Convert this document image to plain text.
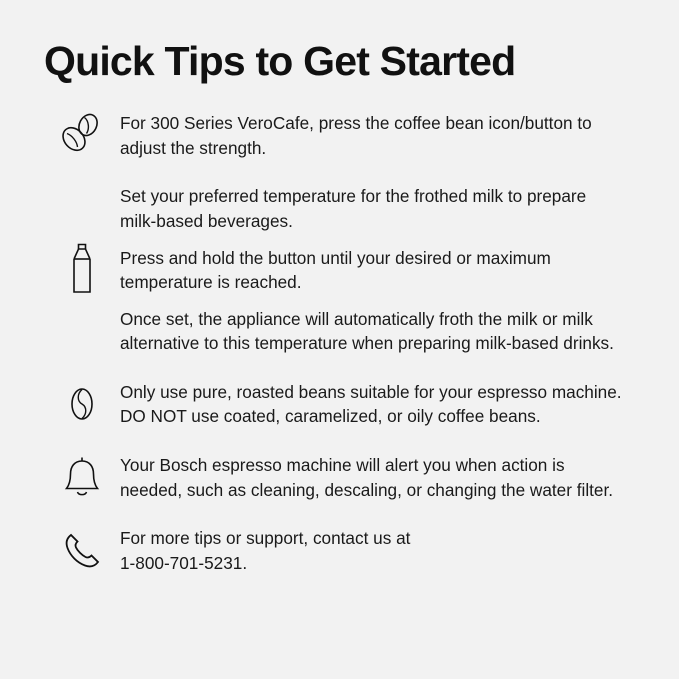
Quick Tips to Get Started

For 300 Series VeroCafe, press the coffee bean icon/button to adjust the strength.

Set your preferred temperature for the frothed milk to prepare milk-based beverages.

Press and hold the button until your desired or maximum temperature is reached.

Once set, the appliance will automatically froth the milk or milk alternative to this temperature when preparing milk-based drinks.

Only use pure, roasted beans suitable for your espresso machine. DO NOT use coated, caramelized, or oily coffee beans.

Your Bosch espresso machine will alert you when action is needed, such as cleaning, descaling, or changing the water filter.

For more tips or support, contact us at

1-800-701-5231.
